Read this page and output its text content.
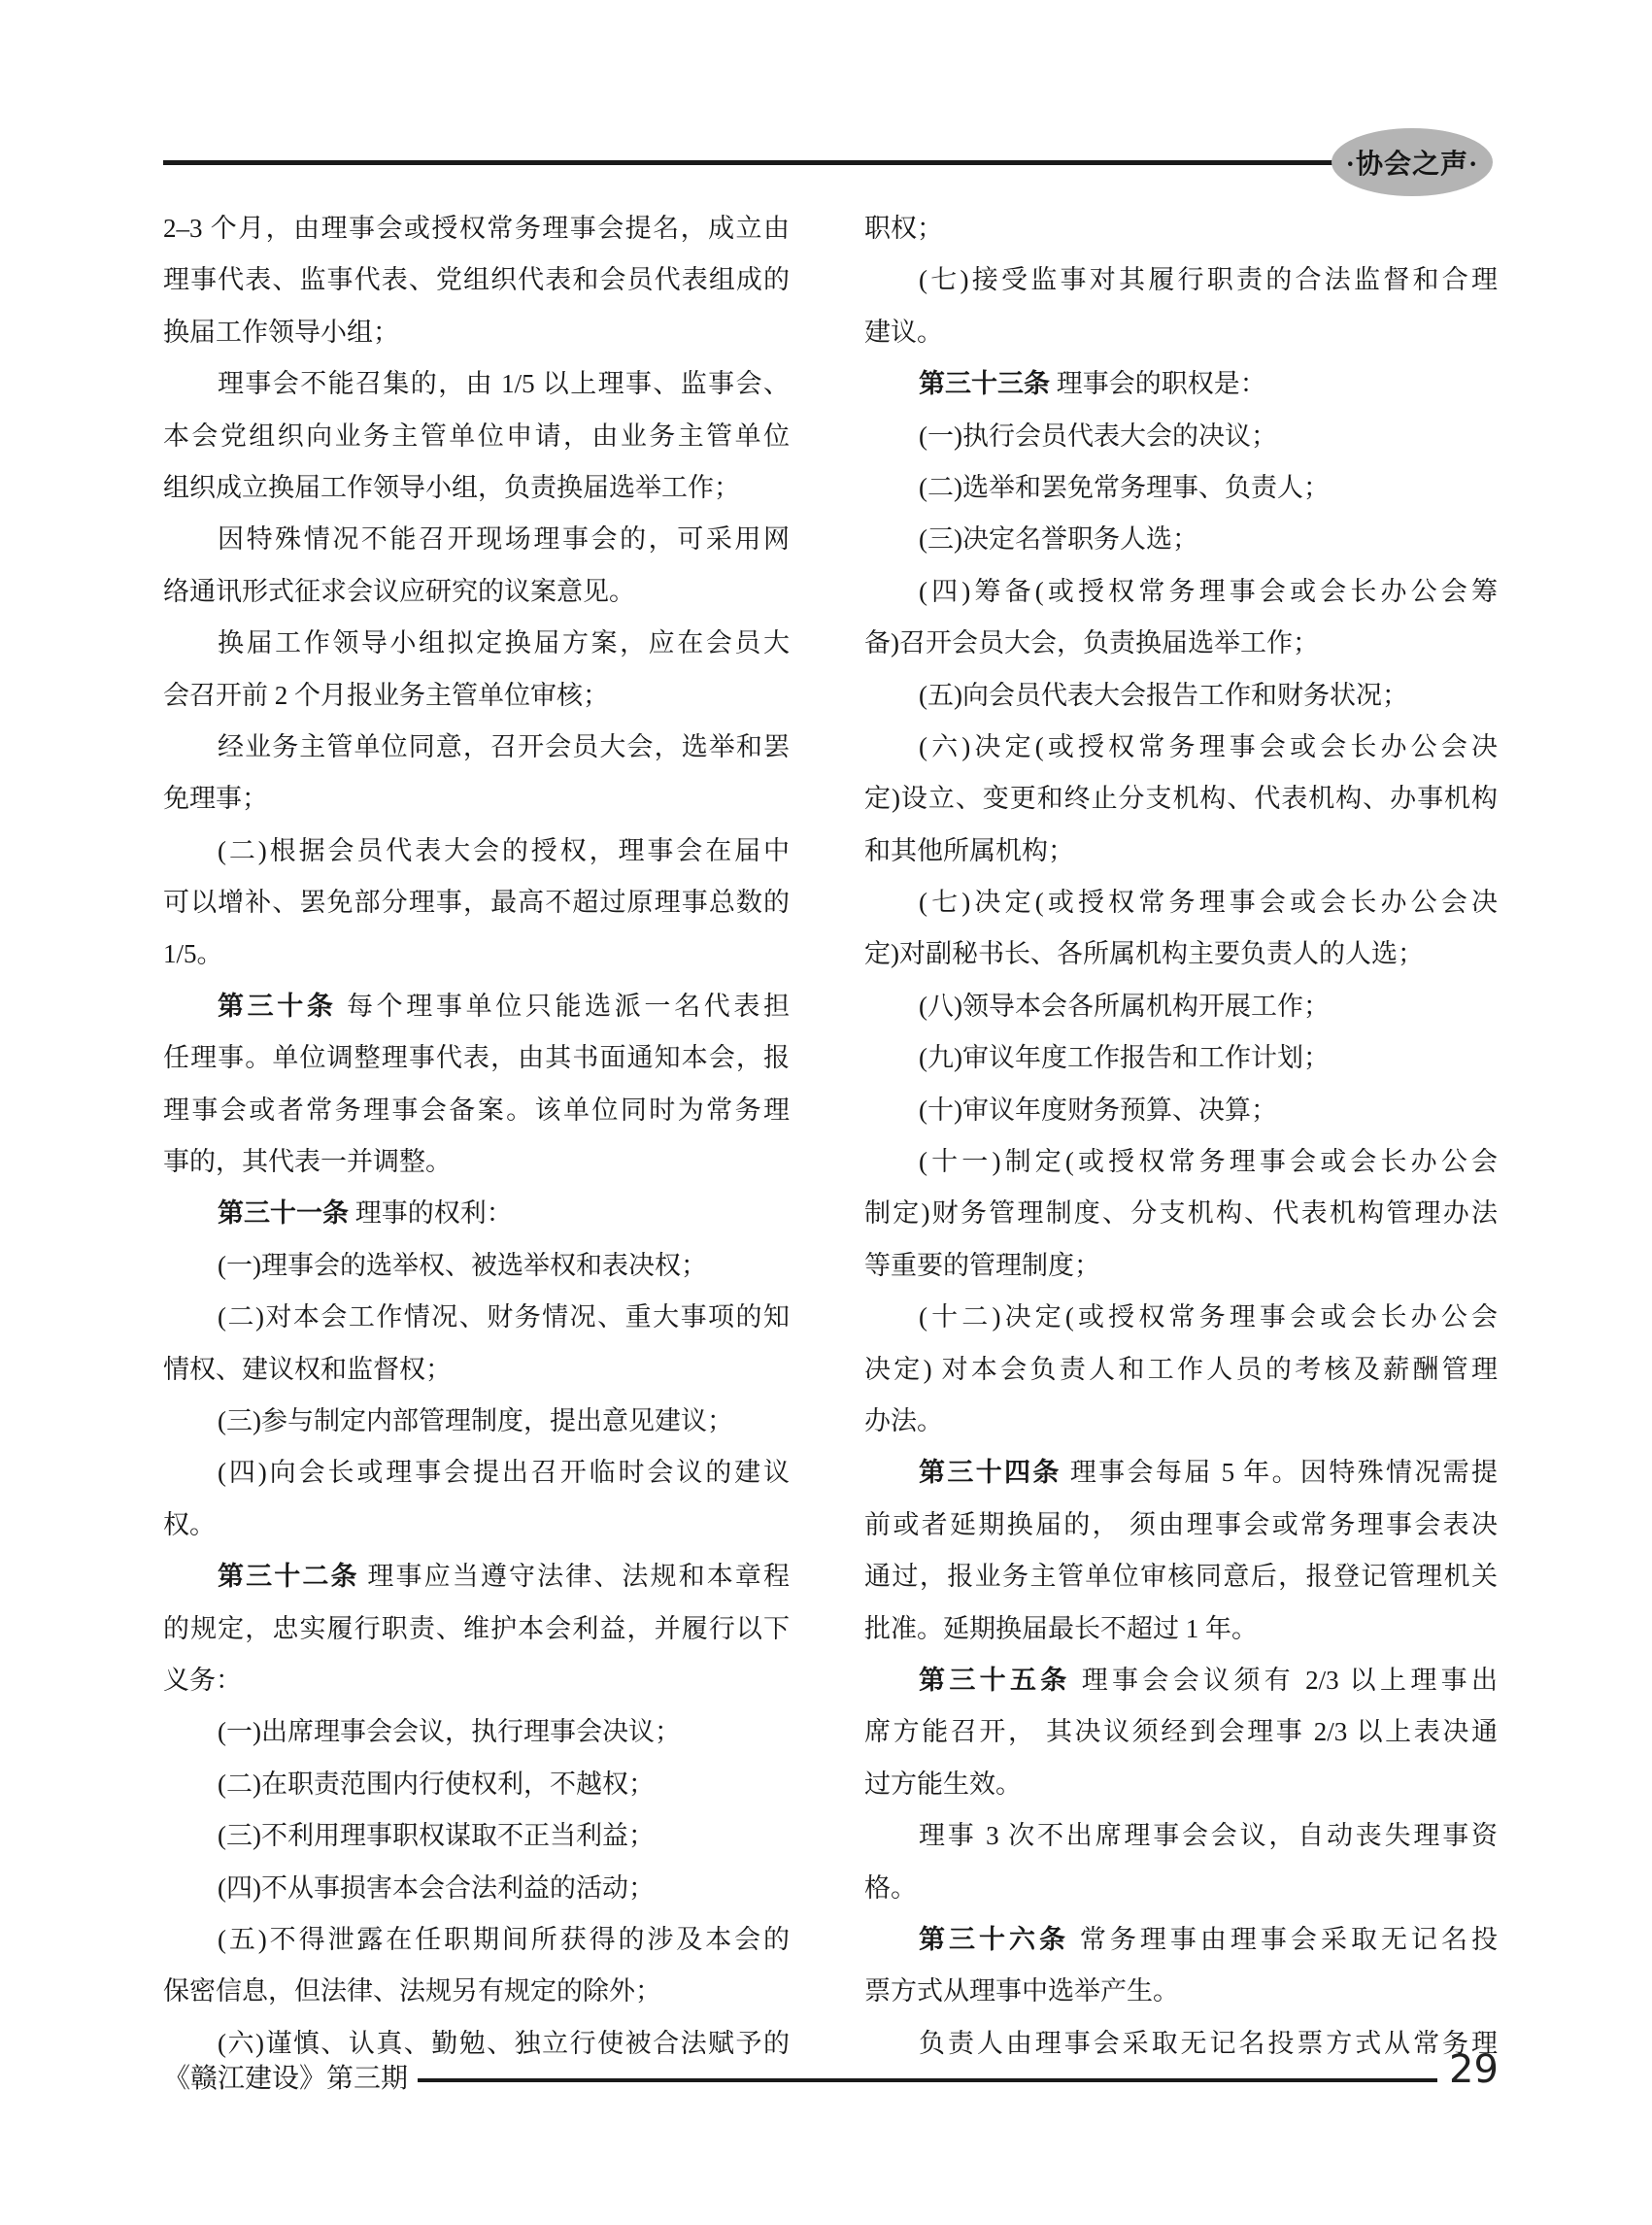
·协会之声·
2–3 个月，由理事会或授权常务理事会提名，成立由
理事代表、监事代表、党组织代表和会员代表组成的
换届工作领导小组；
理事会不能召集的，由 1/5 以上理事、监事会、
本会党组织向业务主管单位申请，由业务主管单位
组织成立换届工作领导小组，负责换届选举工作；
因特殊情况不能召开现场理事会的，可采用网
络通讯形式征求会议应研究的议案意见。
换届工作领导小组拟定换届方案，应在会员大
会召开前 2 个月报业务主管单位审核；
经业务主管单位同意，召开会员大会，选举和罢
免理事；
(二)根据会员代表大会的授权，理事会在届中
可以增补、罢免部分理事，最高不超过原理事总数的
1/5。
第三十条 每个理事单位只能选派一名代表担
任理事。单位调整理事代表，由其书面通知本会，报
理事会或者常务理事会备案。该单位同时为常务理
事的，其代表一并调整。
第三十一条 理事的权利：
(一)理事会的选举权、被选举权和表决权；
(二)对本会工作情况、财务情况、重大事项的知
情权、建议权和监督权；
(三)参与制定内部管理制度，提出意见建议；
(四)向会长或理事会提出召开临时会议的建议
权。
第三十二条 理事应当遵守法律、法规和本章程
的规定，忠实履行职责、维护本会利益，并履行以下
义务：
(一)出席理事会会议，执行理事会决议；
(二)在职责范围内行使权利，不越权；
(三)不利用理事职权谋取不正当利益；
(四)不从事损害本会合法利益的活动；
(五)不得泄露在任职期间所获得的涉及本会的
保密信息，但法律、法规另有规定的除外；
(六)谨慎、认真、勤勉、独立行使被合法赋予的
职权；
(七)接受监事对其履行职责的合法监督和合理
建议。
第三十三条 理事会的职权是：
(一)执行会员代表大会的决议；
(二)选举和罢免常务理事、负责人；
(三)决定名誉职务人选；
(四)筹备(或授权常务理事会或会长办公会筹
备)召开会员大会，负责换届选举工作；
(五)向会员代表大会报告工作和财务状况；
(六)决定(或授权常务理事会或会长办公会决
定)设立、变更和终止分支机构、代表机构、办事机构
和其他所属机构；
(七)决定(或授权常务理事会或会长办公会决
定)对副秘书长、各所属机构主要负责人的人选；
(八)领导本会各所属机构开展工作；
(九)审议年度工作报告和工作计划；
(十)审议年度财务预算、决算；
(十一)制定(或授权常务理事会或会长办公会
制定)财务管理制度、分支机构、代表机构管理办法
等重要的管理制度；
(十二)决定(或授权常务理事会或会长办公会
决定) 对本会负责人和工作人员的考核及薪酬管理
办法。
第三十四条 理事会每届 5 年。因特殊情况需提
前或者延期换届的， 须由理事会或常务理事会表决
通过，报业务主管单位审核同意后，报登记管理机关
批准。延期换届最长不超过 1 年。
第三十五条 理事会会议须有 2/3 以上理事出
席方能召开， 其决议须经到会理事 2/3 以上表决通
过方能生效。
理事 3 次不出席理事会会议，自动丧失理事资
格。
第三十六条 常务理事由理事会采取无记名投
票方式从理事中选举产生。
负责人由理事会采取无记名投票方式从常务理
《赣江建设》第三期	29
